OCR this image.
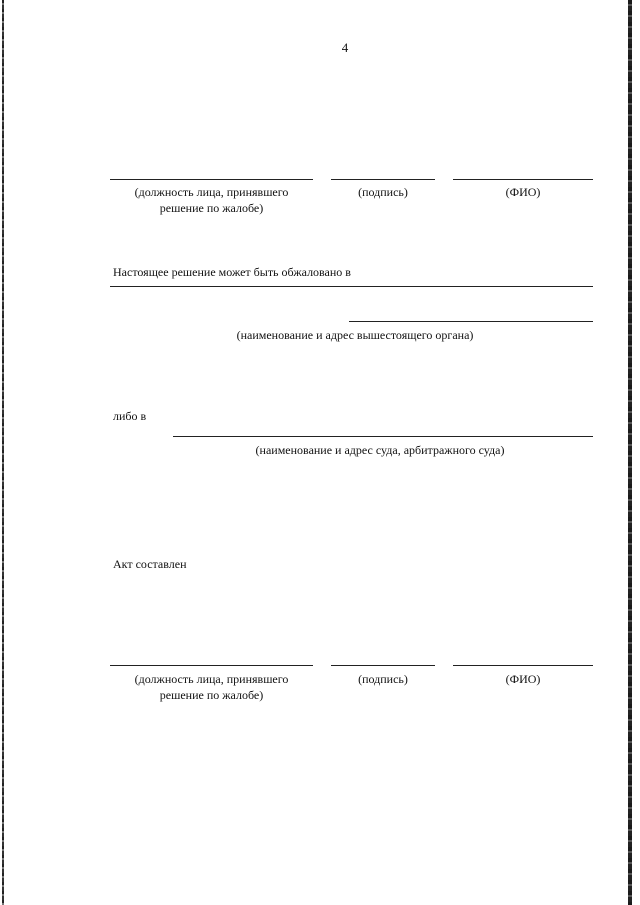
4
(должность лица, принявшего
решение по жалобе)
(подпись)	(ФИО)
Настоящее решение может быть обжаловано в
(наименование и адрес вышестоящего органа)
либо в
(наименование и адрес суда, арбитражного суда)
Акт составлен
(должность лица, принявшего
решение по жалобе)
(подпись)	(ФИО)
